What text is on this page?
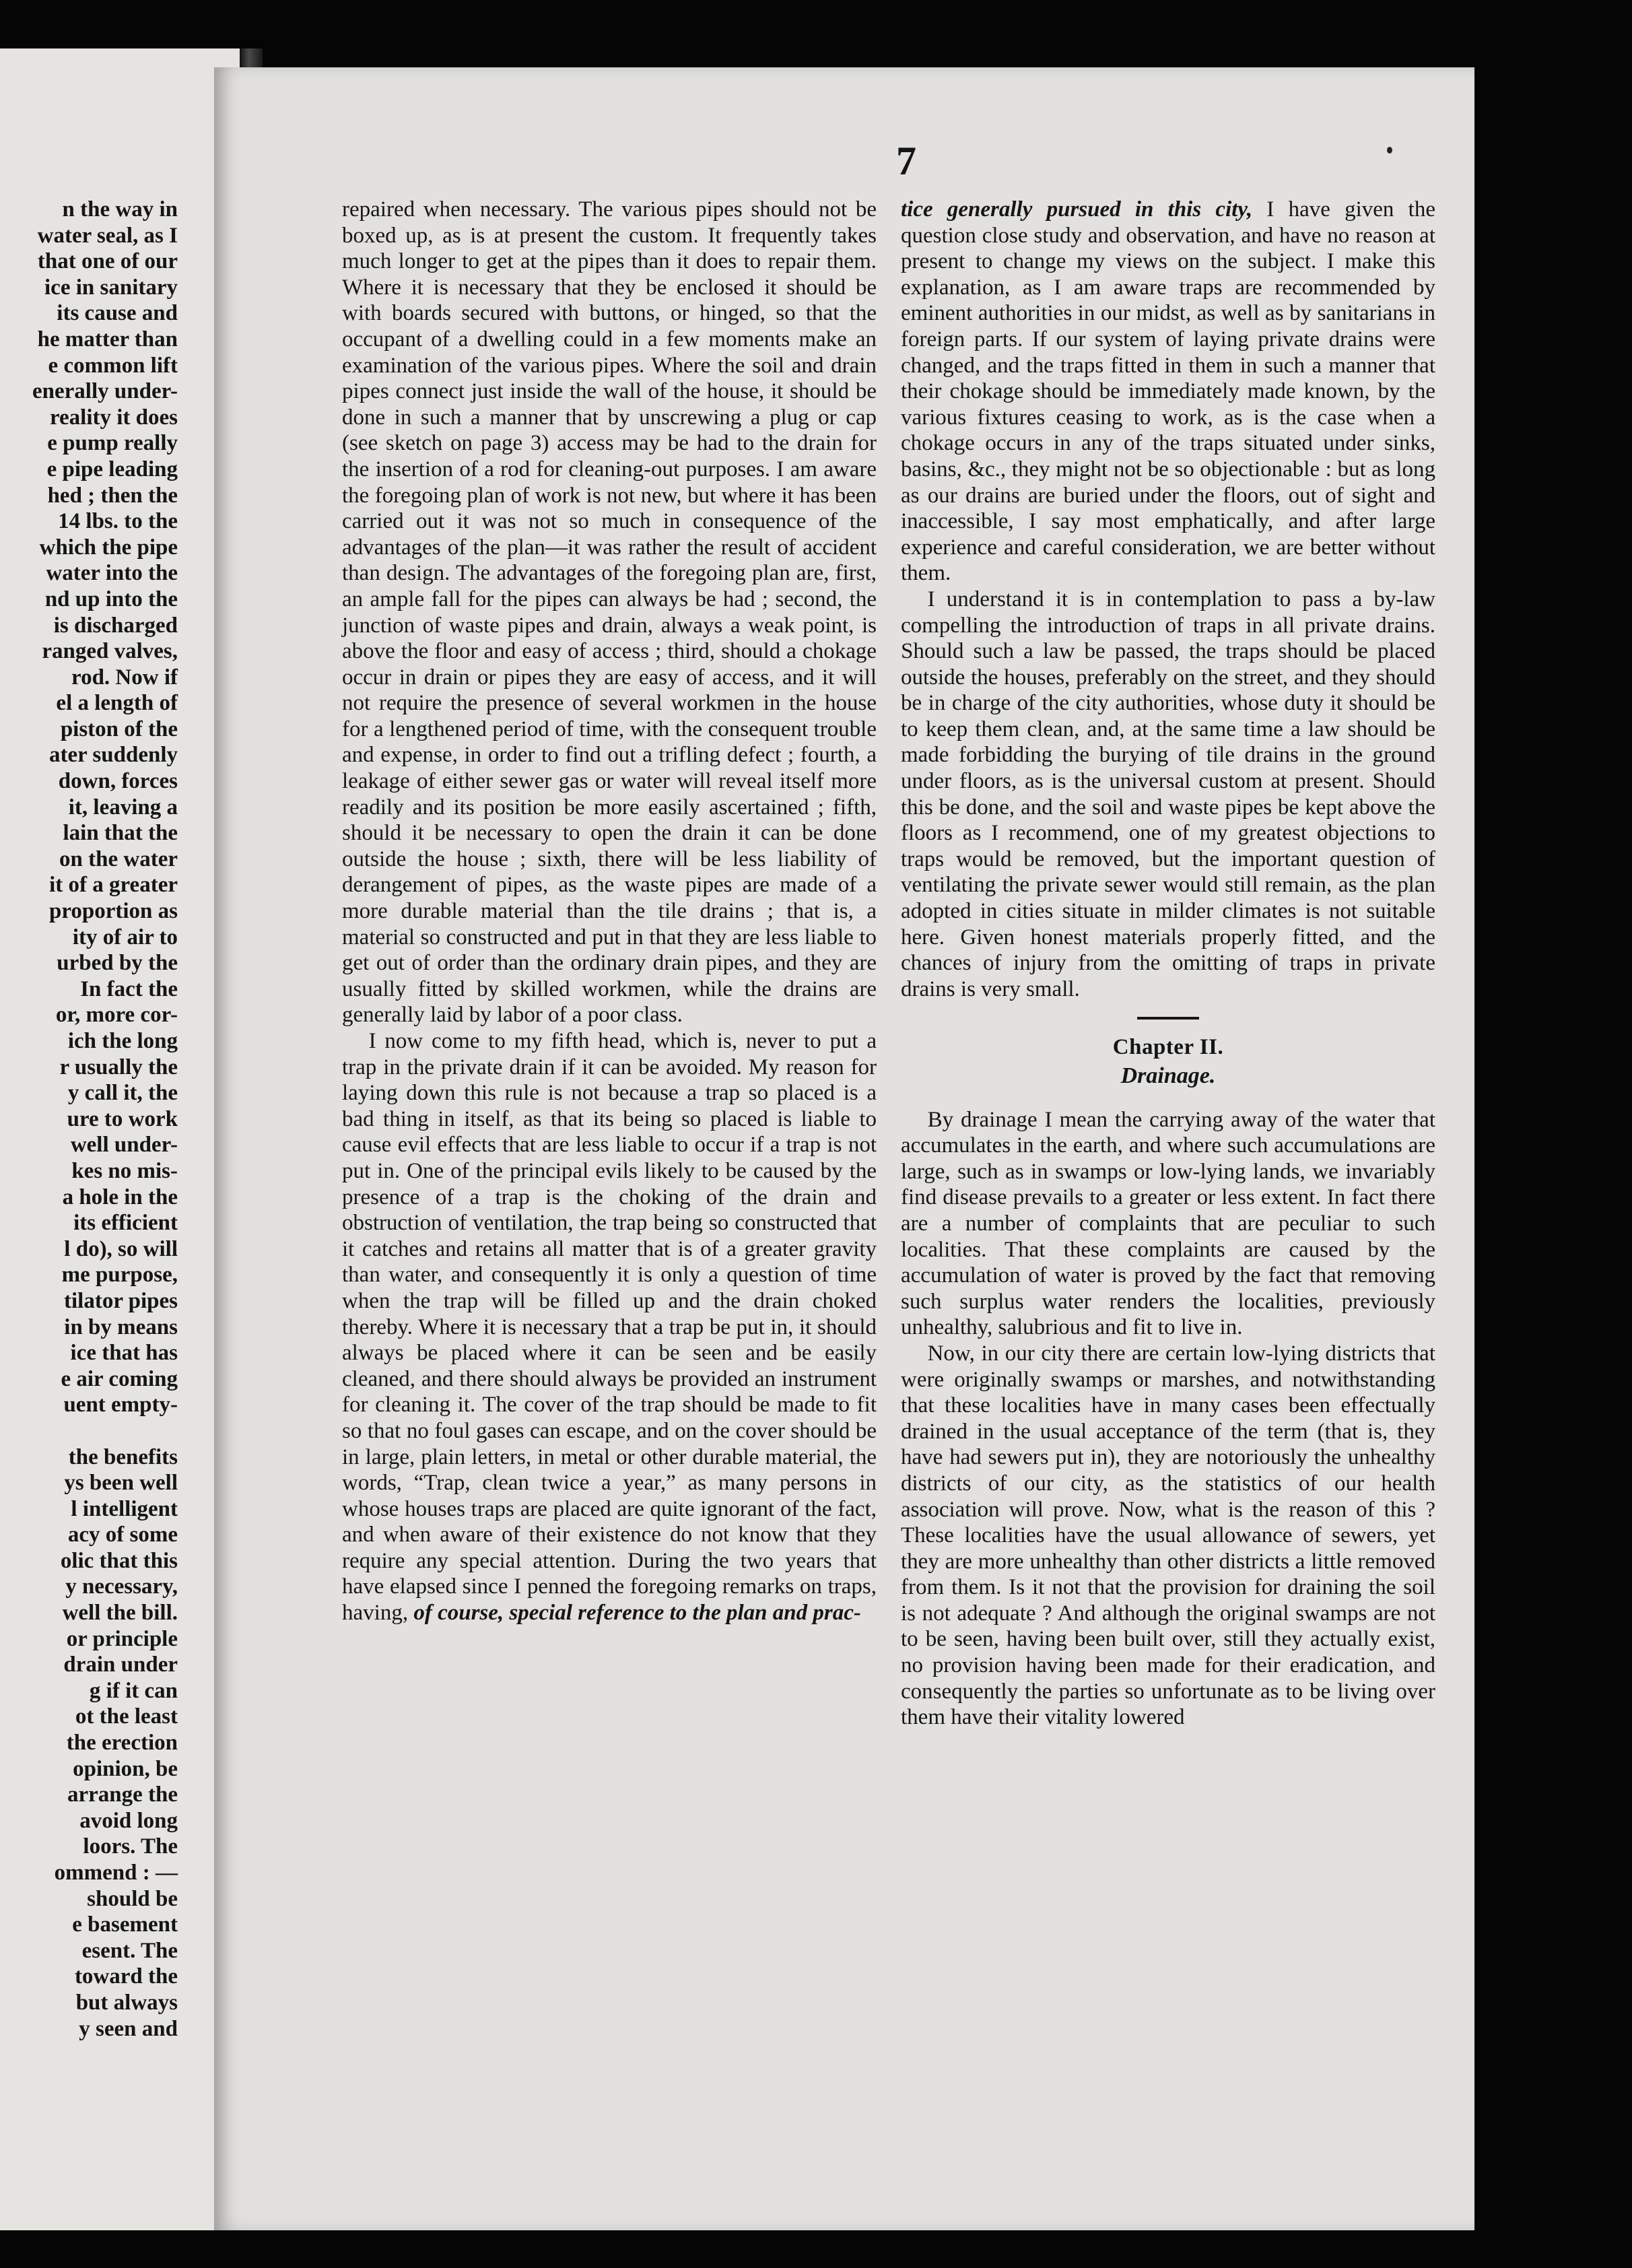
n the way in
water seal, as I
that one of our
ice in sanitary
its cause and
he matter than
e common lift
enerally under-
reality it does
e pump really
e pipe leading
hed ; then the
14 lbs. to the
which the pipe
water into the
nd up into the
is discharged
ranged valves,
rod. Now if
el a length of
piston of the
ater suddenly
down, forces
it, leaving a
lain that the
on the water
it of a greater
proportion as
ity of air to
urbed by the
In fact the
or, more cor-
ich the long
r usually the
y call it, the
ure to work
well under-
kes no mis-
a hole in the
its efficient
l do), so will
me purpose,
tilator pipes
in by means
ice that has
e air coming
uent empty-

the benefits
ys been well
l intelligent
acy of some
olic that this
y necessary,
well the bill.
or principle
drain under
g if it can
ot the least
the erection
opinion, be
arrange the
avoid long
loors. The
ommend : —
should be
e basement
esent. The
toward the
but always
y seen and
7

repaired when necessary. The various pipes should not be boxed up, as is at present the custom. It frequently takes much longer to get at the pipes than it does to repair them. Where it is necessary that they be enclosed it should be with boards secured with buttons, or hinged, so that the occupant of a dwelling could in a few moments make an examination of the various pipes. Where the soil and drain pipes connect just inside the wall of the house, it should be done in such a manner that by unscrewing a plug or cap (see sketch on page 3) access may be had to the drain for the insertion of a rod for cleaning-out purposes. I am aware the foregoing plan of work is not new, but where it has been carried out it was not so much in consequence of the advantages of the plan—it was rather the result of accident than design. The advantages of the foregoing plan are, first, an ample fall for the pipes can always be had ; second, the junction of waste pipes and drain, always a weak point, is above the floor and easy of access ; third, should a chokage occur in drain or pipes they are easy of access, and it will not require the presence of several workmen in the house for a lengthened period of time, with the consequent trouble and expense, in order to find out a trifling defect ; fourth, a leakage of either sewer gas or water will reveal itself more readily and its position be more easily ascertained ; fifth, should it be necessary to open the drain it can be done outside the house ; sixth, there will be less liability of derangement of pipes, as the waste pipes are made of a more durable material than the tile drains ; that is, a material so constructed and put in that they are less liable to get out of order than the ordinary drain pipes, and they are usually fitted by skilled workmen, while the drains are generally laid by labor of a poor class.

I now come to my fifth head, which is, never to put a trap in the private drain if it can be avoided. My reason for laying down this rule is not because a trap so placed is a bad thing in itself, as that its being so placed is liable to cause evil effects that are less liable to occur if a trap is not put in. One of the principal evils likely to be caused by the presence of a trap is the choking of the drain and obstruction of ventilation, the trap being so constructed that it catches and retains all matter that is of a greater gravity than water, and consequently it is only a question of time when the trap will be filled up and the drain choked thereby. Where it is necessary that a trap be put in, it should always be placed where it can be seen and be easily cleaned, and there should always be provided an instrument for cleaning it. The cover of the trap should be made to fit so that no foul gases can escape, and on the cover should be in large, plain letters, in metal or other durable material, the words, “Trap, clean twice a year,” as many persons in whose houses traps are placed are quite ignorant of the fact, and when aware of their existence do not know that they require any special attention. During the two years that have elapsed since I penned the foregoing remarks on traps, having, of course, special reference to the plan and prac-

tice generally pursued in this city, I have given the question close study and observation, and have no reason at present to change my views on the subject. I make this explanation, as I am aware traps are recommended by eminent authorities in our midst, as well as by sanitarians in foreign parts. If our system of laying private drains were changed, and the traps fitted in them in such a manner that their chokage should be immediately made known, by the various fixtures ceasing to work, as is the case when a chokage occurs in any of the traps situated under sinks, basins, &c., they might not be so objectionable : but as long as our drains are buried under the floors, out of sight and inaccessible, I say most emphatically, and after large experience and careful consideration, we are better without them.

I understand it is in contemplation to pass a by-law compelling the introduction of traps in all private drains. Should such a law be passed, the traps should be placed outside the houses, preferably on the street, and they should be in charge of the city authorities, whose duty it should be to keep them clean, and, at the same time a law should be made forbidding the burying of tile drains in the ground under floors, as is the universal custom at present. Should this be done, and the soil and waste pipes be kept above the floors as I recommend, one of my greatest objections to traps would be removed, but the important question of ventilating the private sewer would still remain, as the plan adopted in cities situate in milder climates is not suitable here. Given honest materials properly fitted, and the chances of injury from the omitting of traps in private drains is very small.

Chapter II.

Drainage.

By drainage I mean the carrying away of the water that accumulates in the earth, and where such accumulations are large, such as in swamps or low-lying lands, we invariably find disease prevails to a greater or less extent. In fact there are a number of complaints that are peculiar to such localities. That these complaints are caused by the accumulation of water is proved by the fact that removing such surplus water renders the localities, previously unhealthy, salubrious and fit to live in.

Now, in our city there are certain low-lying districts that were originally swamps or marshes, and notwithstanding that these localities have in many cases been effectually drained in the usual acceptance of the term (that is, they have had sewers put in), they are notoriously the unhealthy districts of our city, as the statistics of our health association will prove. Now, what is the reason of this ? These localities have the usual allowance of sewers, yet they are more unhealthy than other districts a little removed from them. Is it not that the provision for draining the soil is not adequate ? And although the original swamps are not to be seen, having been built over, still they actually exist, no provision having been made for their eradication, and consequently the parties so unfortunate as to be living over them have their vitality lowered
